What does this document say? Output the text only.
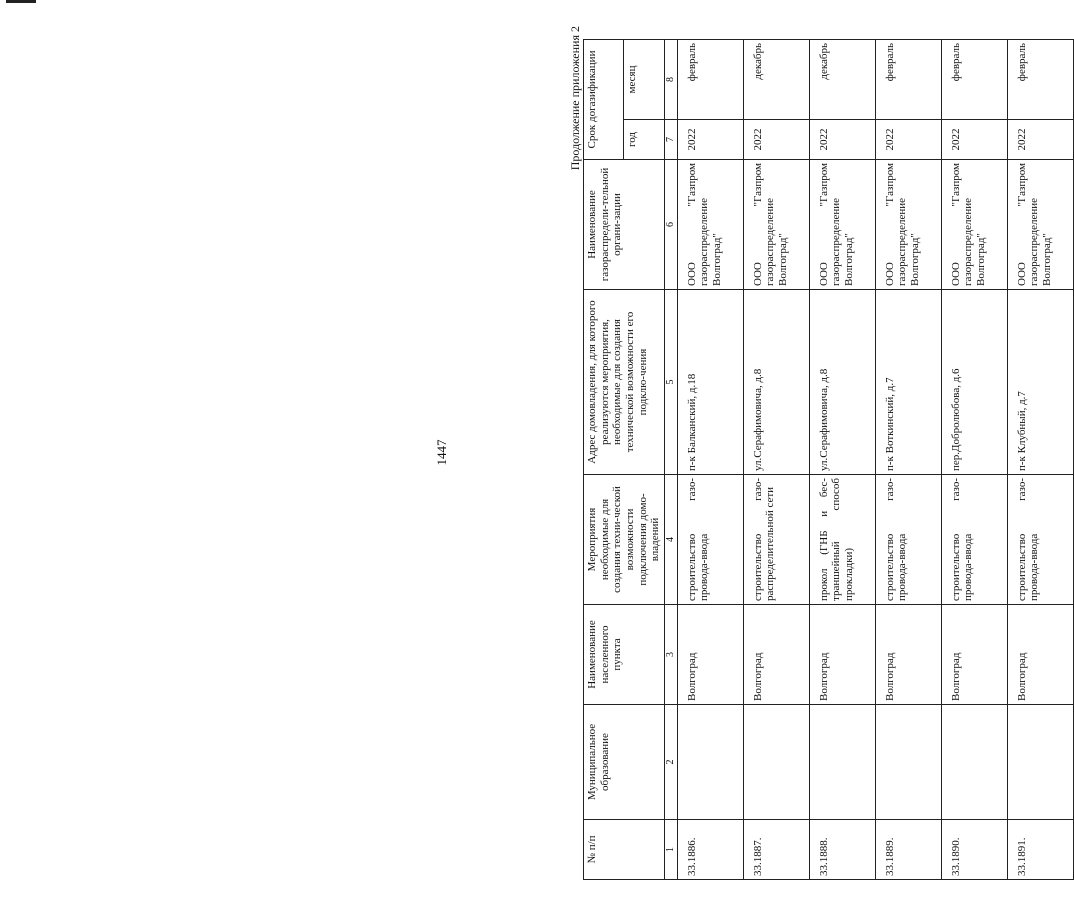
1447
Продолжение приложения 2
№ п/п	Муниципальное образование	Наименование населенного пункта	Мероприятия необходимые для создания техни-ческой возможности подключения домо-владений	Адрес домовладения, для которого реализуются мероприятия, необходимые для создания технической возможности его подклю-чения	Наименование газораспредели-тельной органи-зации	Срок догазификации	
						год	месяц
1	2	3	4	5	6	7	8
33.1886.		Волгоград	строительство газо-провода-ввода	п-к Балканский, д.18	ООО "Газпром газораспределение Волгоград"	2022	февраль
33.1887.		Волгоград	строительство газо-распределительной сети	ул.Серафимовича, д.8	ООО "Газпром газораспределение Волгоград"	2022	декабрь
33.1888.		Волгоград	прокол (ГНБ и бес-траншейный способ прокладки)	ул.Серафимовича, д.8	ООО "Газпром газораспределение Волгоград"	2022	декабрь
33.1889.		Волгоград	строительство газо-провода-ввода	п-к Воткинский, д.7	ООО "Газпром газораспределение Волгоград"	2022	февраль
33.1890.		Волгоград	строительство газо-провода-ввода	пер.Добролюбова, д.6	ООО "Газпром газораспределение Волгоград"	2022	февраль
33.1891.		Волгоград	строительство газо-провода-ввода	п-к Клубный, д.7	ООО "Газпром газораспределение Волгоград"	2022	февраль
